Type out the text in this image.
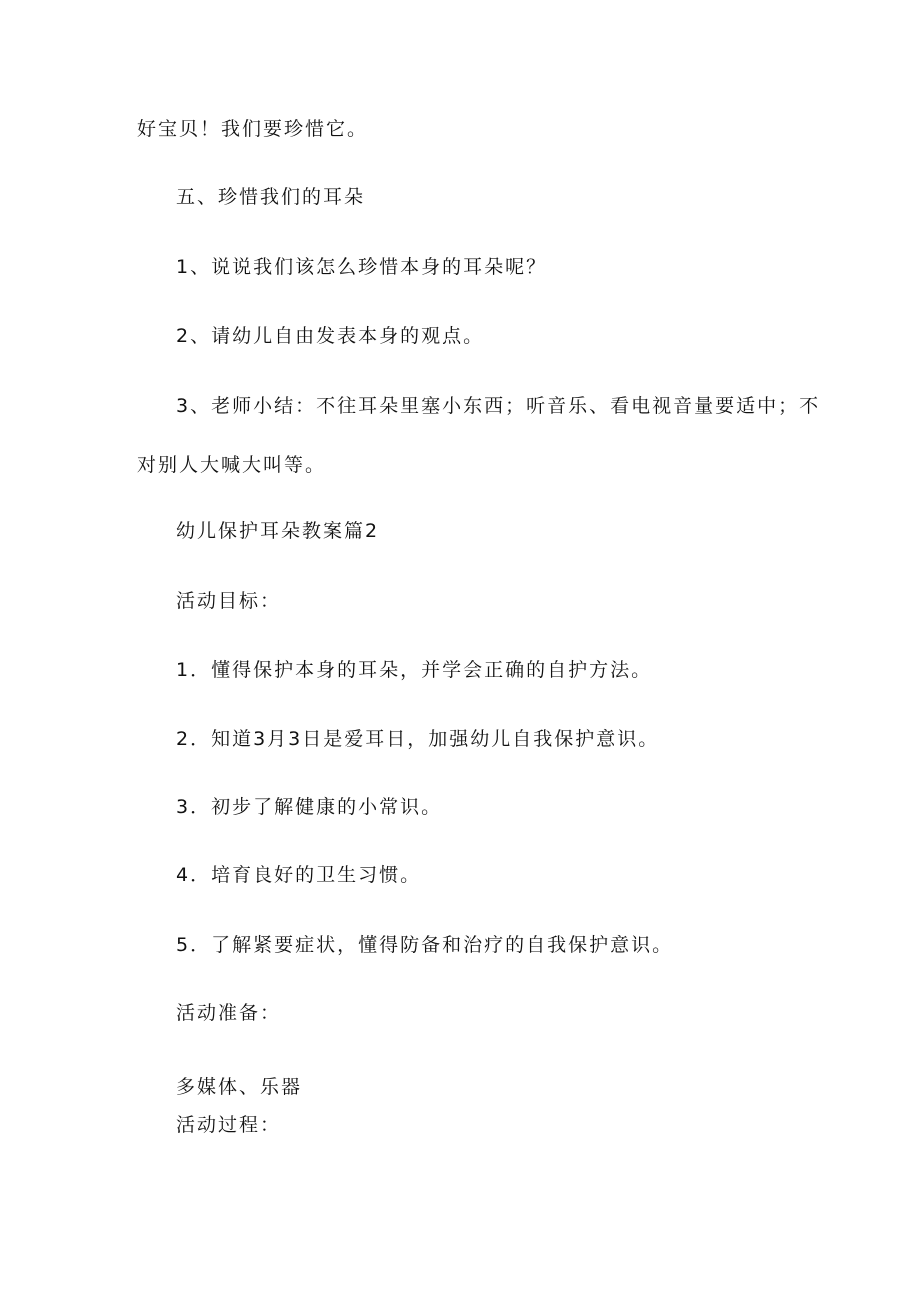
好宝贝！我们要珍惜它。

五、珍惜我们的耳朵

1、说说我们该怎么珍惜本身的耳朵呢？

2、请幼儿自由发表本身的观点。

3、老师小结：不往耳朵里塞小东西；听音乐、看电视音量要适中；不

对别人大喊大叫等。

幼儿保护耳朵教案篇2

活动目标：

1．懂得保护本身的耳朵，并学会正确的自护方法。

2．知道3月3日是爱耳日，加强幼儿自我保护意识。

3．初步了解健康的小常识。

4．培育良好的卫生习惯。

5．了解紧要症状，懂得防备和治疗的自我保护意识。

活动准备：

多媒体、乐器

活动过程：
